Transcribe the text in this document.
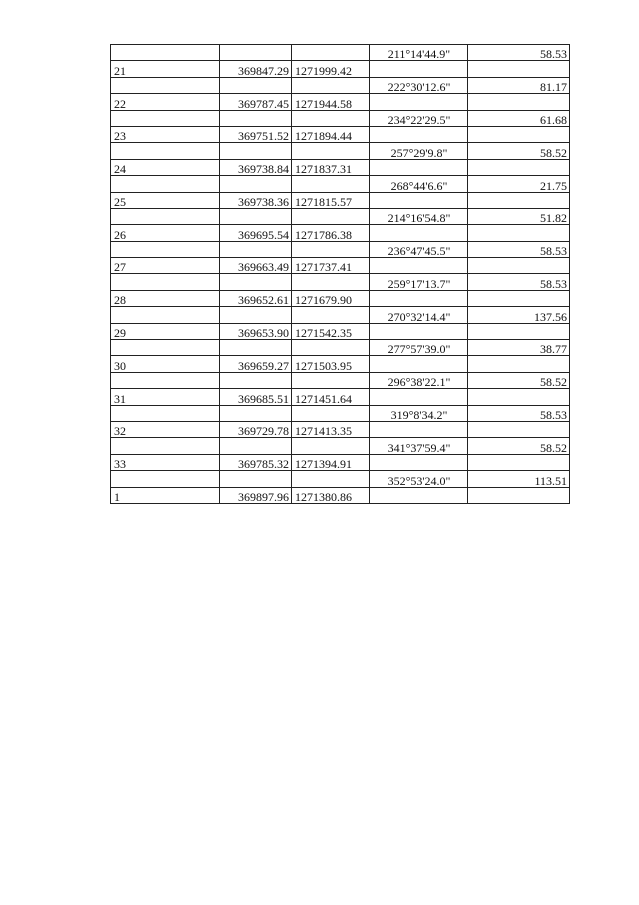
			211°14'44.9"	58.53
21	369847.29	1271999.42		
			222°30'12.6"	81.17
22	369787.45	1271944.58		
			234°22'29.5"	61.68
23	369751.52	1271894.44		
			257°29'9.8"	58.52
24	369738.84	1271837.31		
			268°44'6.6"	21.75
25	369738.36	1271815.57		
			214°16'54.8"	51.82
26	369695.54	1271786.38		
			236°47'45.5"	58.53
27	369663.49	1271737.41		
			259°17'13.7"	58.53
28	369652.61	1271679.90		
			270°32'14.4"	137.56
29	369653.90	1271542.35		
			277°57'39.0"	38.77
30	369659.27	1271503.95		
			296°38'22.1"	58.52
31	369685.51	1271451.64		
			319°8'34.2"	58.53
32	369729.78	1271413.35		
			341°37'59.4"	58.52
33	369785.32	1271394.91		
			352°53'24.0"	113.51
1	369897.96	1271380.86		
